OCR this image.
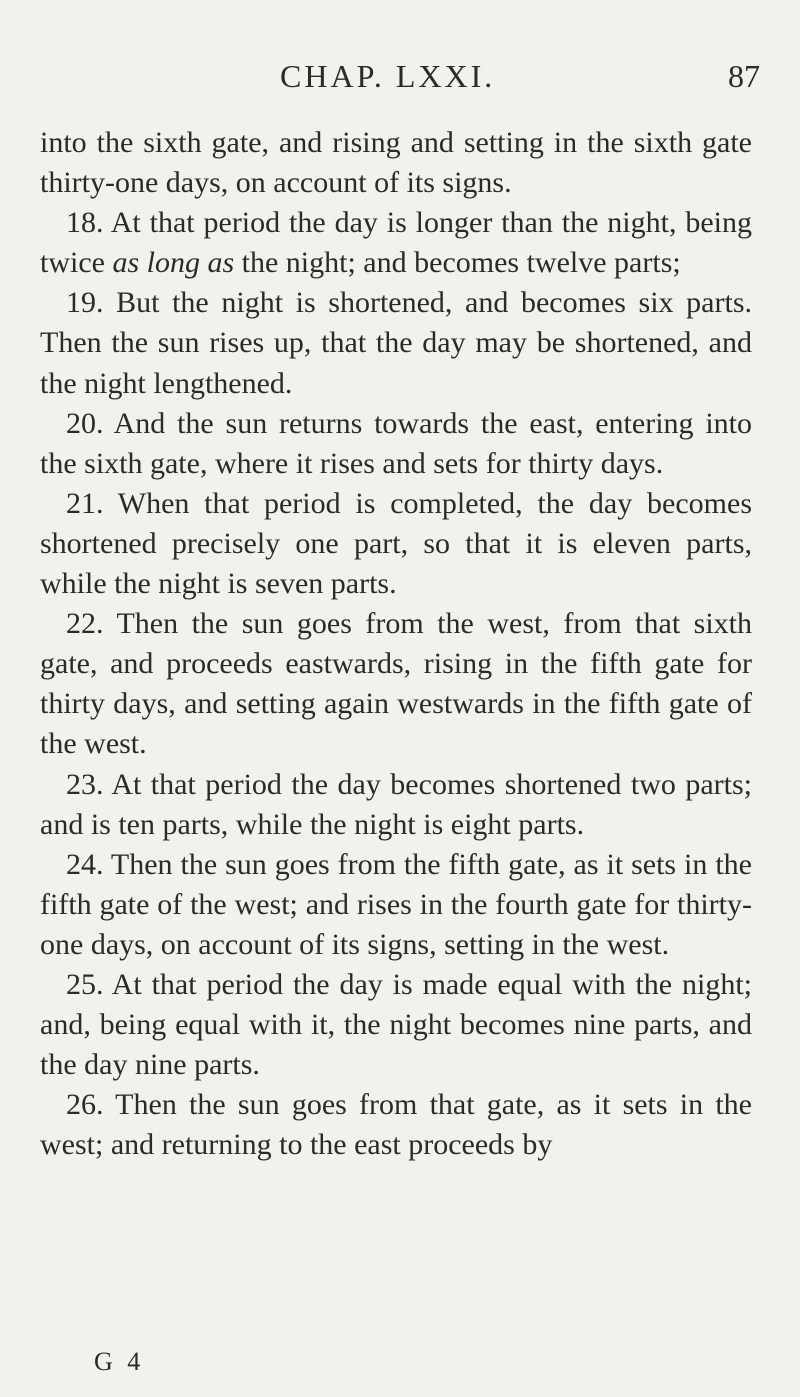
CHAP. LXXI.	87

into the sixth gate, and rising and setting in the sixth gate thirty-one days, on account of its signs.

18. At that period the day is longer than the night, being twice as long as the night; and becomes twelve parts;

19. But the night is shortened, and becomes six parts. Then the sun rises up, that the day may be shortened, and the night lengthened.

20. And the sun returns towards the east, entering into the sixth gate, where it rises and sets for thirty days.

21. When that period is completed, the day becomes shortened precisely one part, so that it is eleven parts, while the night is seven parts.

22. Then the sun goes from the west, from that sixth gate, and proceeds eastwards, rising in the fifth gate for thirty days, and setting again westwards in the fifth gate of the west.

23. At that period the day becomes shortened two parts; and is ten parts, while the night is eight parts.

24. Then the sun goes from the fifth gate, as it sets in the fifth gate of the west; and rises in the fourth gate for thirty-one days, on account of its signs, setting in the west.

25. At that period the day is made equal with the night; and, being equal with it, the night becomes nine parts, and the day nine parts.

26. Then the sun goes from that gate, as it sets in the west; and returning to the east proceeds by

G 4
